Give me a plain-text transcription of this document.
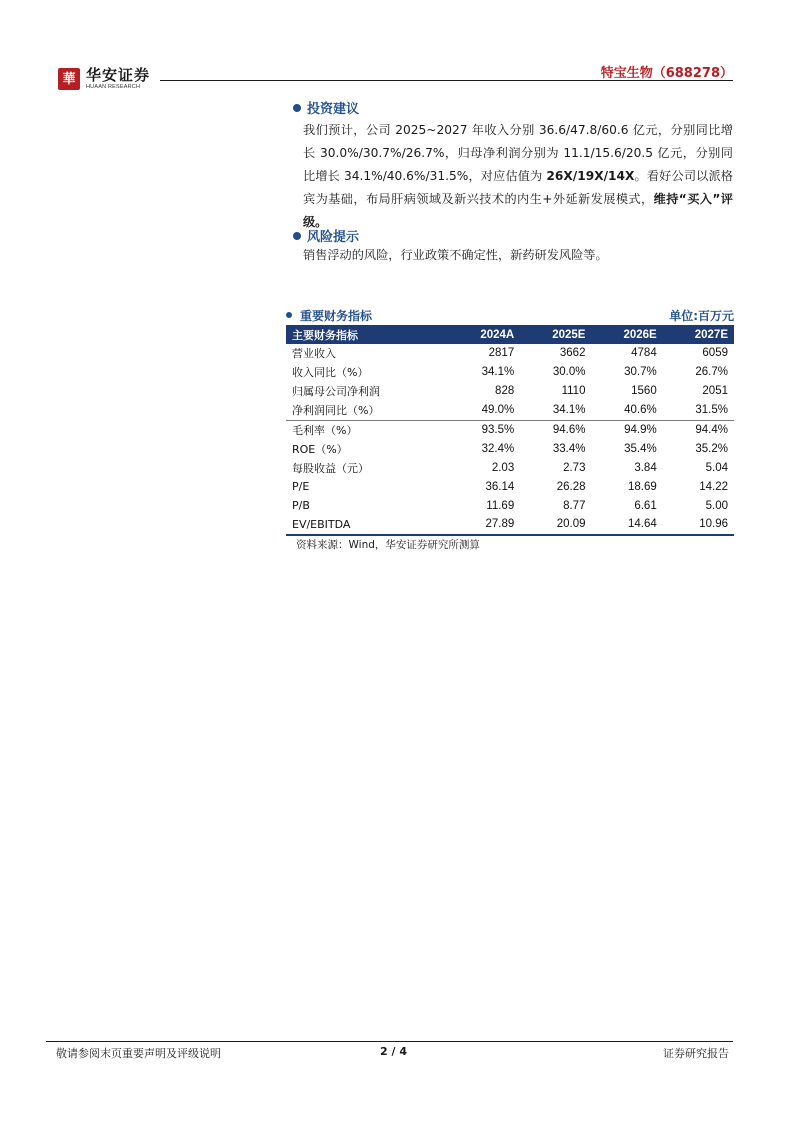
華 华安证券
HUAAN RESEARCH
特宝生物（688278）
投资建议
我们预计，公司 2025~2027 年收入分别 36.6/47.8/60.6 亿元，分别同比增长 30.0%/30.7%/26.7%，归母净利润分别为 11.1/15.6/20.5 亿元，分别同比增长 34.1%/40.6%/31.5%，对应估值为 26X/19X/14X。看好公司以派格宾为基础，布局肝病领域及新兴技术的内生+外延新发展模式，维持“买入”评级。
风险提示
销售浮动的风险，行业政策不确定性，新药研发风险等。
重要财务指标	单位:百万元
主要财务指标	2024A	2025E	2026E	2027E
营业收入	2817	3662	4784	6059
收入同比（%）	34.1%	30.0%	30.7%	26.7%
归属母公司净利润	828	1110	1560	2051
净利润同比（%）	49.0%	34.1%	40.6%	31.5%
毛利率（%）	93.5%	94.6%	94.9%	94.4%
ROE（%）	32.4%	33.4%	35.4%	35.2%
每股收益（元）	2.03	2.73	3.84	5.04
P/E	36.14	26.28	18.69	14.22
P/B	11.69	8.77	6.61	5.00
EV/EBITDA	27.89	20.09	14.64	10.96
资料来源：Wind，华安证券研究所测算
敬请参阅末页重要声明及评级说明	2 / 4	证券研究报告
